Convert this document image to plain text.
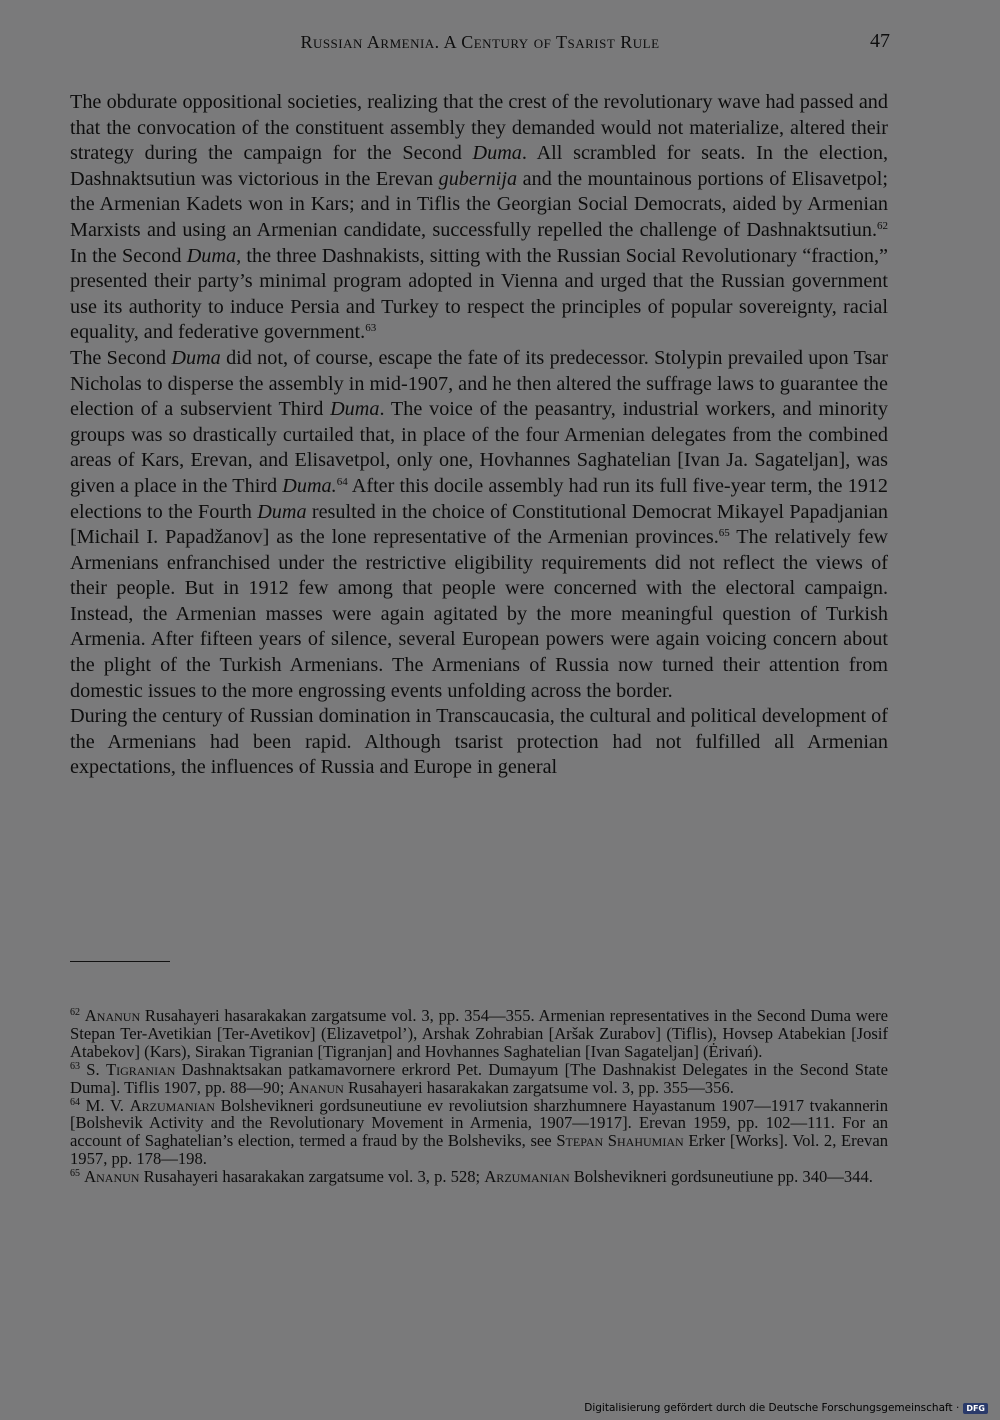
Russian Armenia. A Century of Tsarist Rule	47

The obdurate oppositional societies, realizing that the crest of the revolutionary wave had passed and that the convocation of the constituent assembly they demanded would not materialize, altered their strategy during the campaign for the Second Duma. All scrambled for seats. In the election, Dashnaktsutiun was victorious in the Erevan gubernija and the mountainous portions of Elisavetpol; the Armenian Kadets won in Kars; and in Tiflis the Georgian Social Democrats, aided by Armenian Marxists and using an Armenian candidate, successfully repelled the challenge of Dashnaktsutiun.$^{62}$ In the Second Duma, the three Dashnakists, sitting with the Russian Social Revolutionary “fraction,” presented their party’s minimal program adopted in Vienna and urged that the Russian government use its authority to induce Persia and Turkey to respect the principles of popular sovereignty, racial equality, and federative government.$^{63}$

The Second Duma did not, of course, escape the fate of its predecessor. Stolypin prevailed upon Tsar Nicholas to disperse the assembly in mid-1907, and he then altered the suffrage laws to guarantee the election of a subservient Third Duma. The voice of the peasantry, industrial workers, and minority groups was so drastically curtailed that, in place of the four Armenian delegates from the combined areas of Kars, Erevan, and Elisavetpol, only one, Hovhannes Saghatelian [Ivan Ja. Sagateljan], was given a place in the Third Duma.$^{64}$ After this docile assembly had run its full five-year term, the 1912 elections to the Fourth Duma resulted in the choice of Constitutional Democrat Mikayel Papadjanian [Michail I. Papadžanov] as the lone representative of the Armenian provinces.$^{65}$ The relatively few Armenians enfranchised under the restrictive eligibility requirements did not reflect the views of their people. But in 1912 few among that people were concerned with the electoral campaign. Instead, the Armenian masses were again agitated by the more meaningful question of Turkish Armenia. After fifteen years of silence, several European powers were again voicing concern about the plight of the Turkish Armenians. The Armenians of Russia now turned their attention from domestic issues to the more engrossing events unfolding across the border.

During the century of Russian domination in Transcaucasia, the cultural and political development of the Armenians had been rapid. Although tsarist protection had not fulfilled all Armenian expectations, the influences of Russia and Europe in general

$^{62}$ Ananun Rusahayeri hasarakakan zargatsume vol. 3, pp. 354—355. Armenian representatives in the Second Duma were Stepan Ter-Avetikian [Ter-Avetikov] (Elizavetpol’), Arshak Zohrabian [Aršak Zurabov] (Tiflis), Hovsep Atabekian [Josif Atabekov] (Kars), Sirakan Tigranian [Tigranjan] and Hovhannes Saghatelian [Ivan Sagateljan] (Ėrivań).

$^{63}$ S. Tigranian Dashnaktsakan patkamavornere erkrord Pet. Dumayum [The Dashnakist Delegates in the Second State Duma]. Tiflis 1907, pp. 88—90; Ananun Rusahayeri hasarakakan zargatsume vol. 3, pp. 355—356.

$^{64}$ M. V. Arzumanian Bolshevikneri gordsuneutiune ev revoliutsion sharzhumnere Hayastanum 1907—1917 tvakannerin [Bolshevik Activity and the Revolutionary Movement in Armenia, 1907—1917]. Erevan 1959, pp. 102—111. For an account of Saghatelian’s election, termed a fraud by the Bolsheviks, see Stepan Shahumian Erker [Works]. Vol. 2, Erevan 1957, pp. 178—198.

$^{65}$ Ananun Rusahayeri hasarakakan zargatsume vol. 3, p. 528; Arzumanian Bolshevikneri gordsuneutiune pp. 340—344.

Digitalisierung gefördert durch die Deutsche Forschungsgemeinschaft · DFG
